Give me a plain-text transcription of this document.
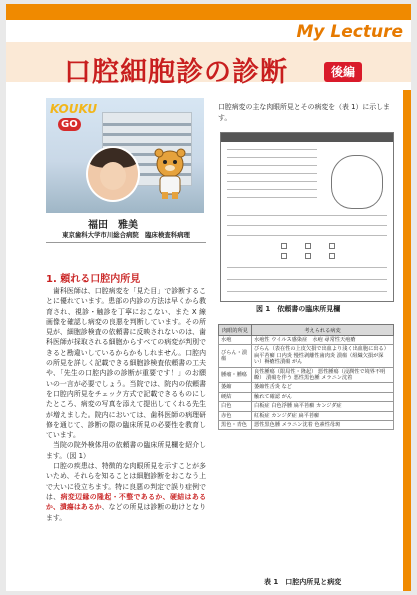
My Lecture
口腔細胞診の診断	後編
KOUKU
GO
福田　雅美
東京歯科大学市川総合病院　臨床検査科病理
1. 頼れる口腔内所見

歯科医師は、口腔病変を「見た目」で診断することに優れています。患部の内診の方法は早くから教育され、視診・触診を丁寧におこない、また X 線画像を確認し病変の良悪を判断しています。その所見が、細胞診検査の依頼書に反映されないのは、歯科医師が採取される細胞からすべての病変が判別できると勘違いしているからかもしれません。口腔内の所見を詳しく記載できる細胞診検査依頼書の工夫や、「先生の口腔内診の診断が重要です！」のお願いの一言が必要でしょう。当院では、院内の依頼書を口腔内所見をチェック方式で記載できるものにしたところ、病変の写真を添えて提出してくれる先生が増えました。院内においては、歯科医師の病理研修を通じて、診断の際の臨床所見の必要性を教育しています。

当院の院外検体用の依頼書の臨床所見欄を紹介します。（図 1）

口腔の疾患は、特徴的な肉眼所見を示すことが多いため、それらを知ることは細胞診断をおこなう上で大いに役立ちます。特に良悪の判定で誤り症例では、病変辺縁の隆起・不整であるか、硬結はあるか、潰瘍はあるか、などの所見は診断の助けとなります。

口腔病変の主な肉眼所見とその病変を（表 1）に示します。
図 1　依頼書の臨床所見欄
肉眼的所見	考えられる病変
水疱	水疱性 ウイルス感染症　水疱 尋常性天疱瘡
びらん・潰瘍	びらん（表在性の上皮欠損で出血より浅く出血胞に出る） 扁平苔癬 口内炎 慢性剥離性歯肉炎 潰瘍（組織欠損が深い）褥瘡性潰瘍 がん
腫瘤・腫瘍	良性腫瘍（限局性・隆起） 悪性腫瘍（浸潤性で境界不明瞭） 潰瘍を伴う 悪性黒色腫 メラニン沈着
萎縮	萎縮性舌炎 など
硬結	触れて確認 がん
白色	白板症 白色浮腫 扁平苔癬 カンジダ症
赤色	紅板症 カンジダ症 扁平苔癬
黒色・青色	悪性黒色腫 メラニン沈着 色素性母斑
表 1　口腔内所見と病変
